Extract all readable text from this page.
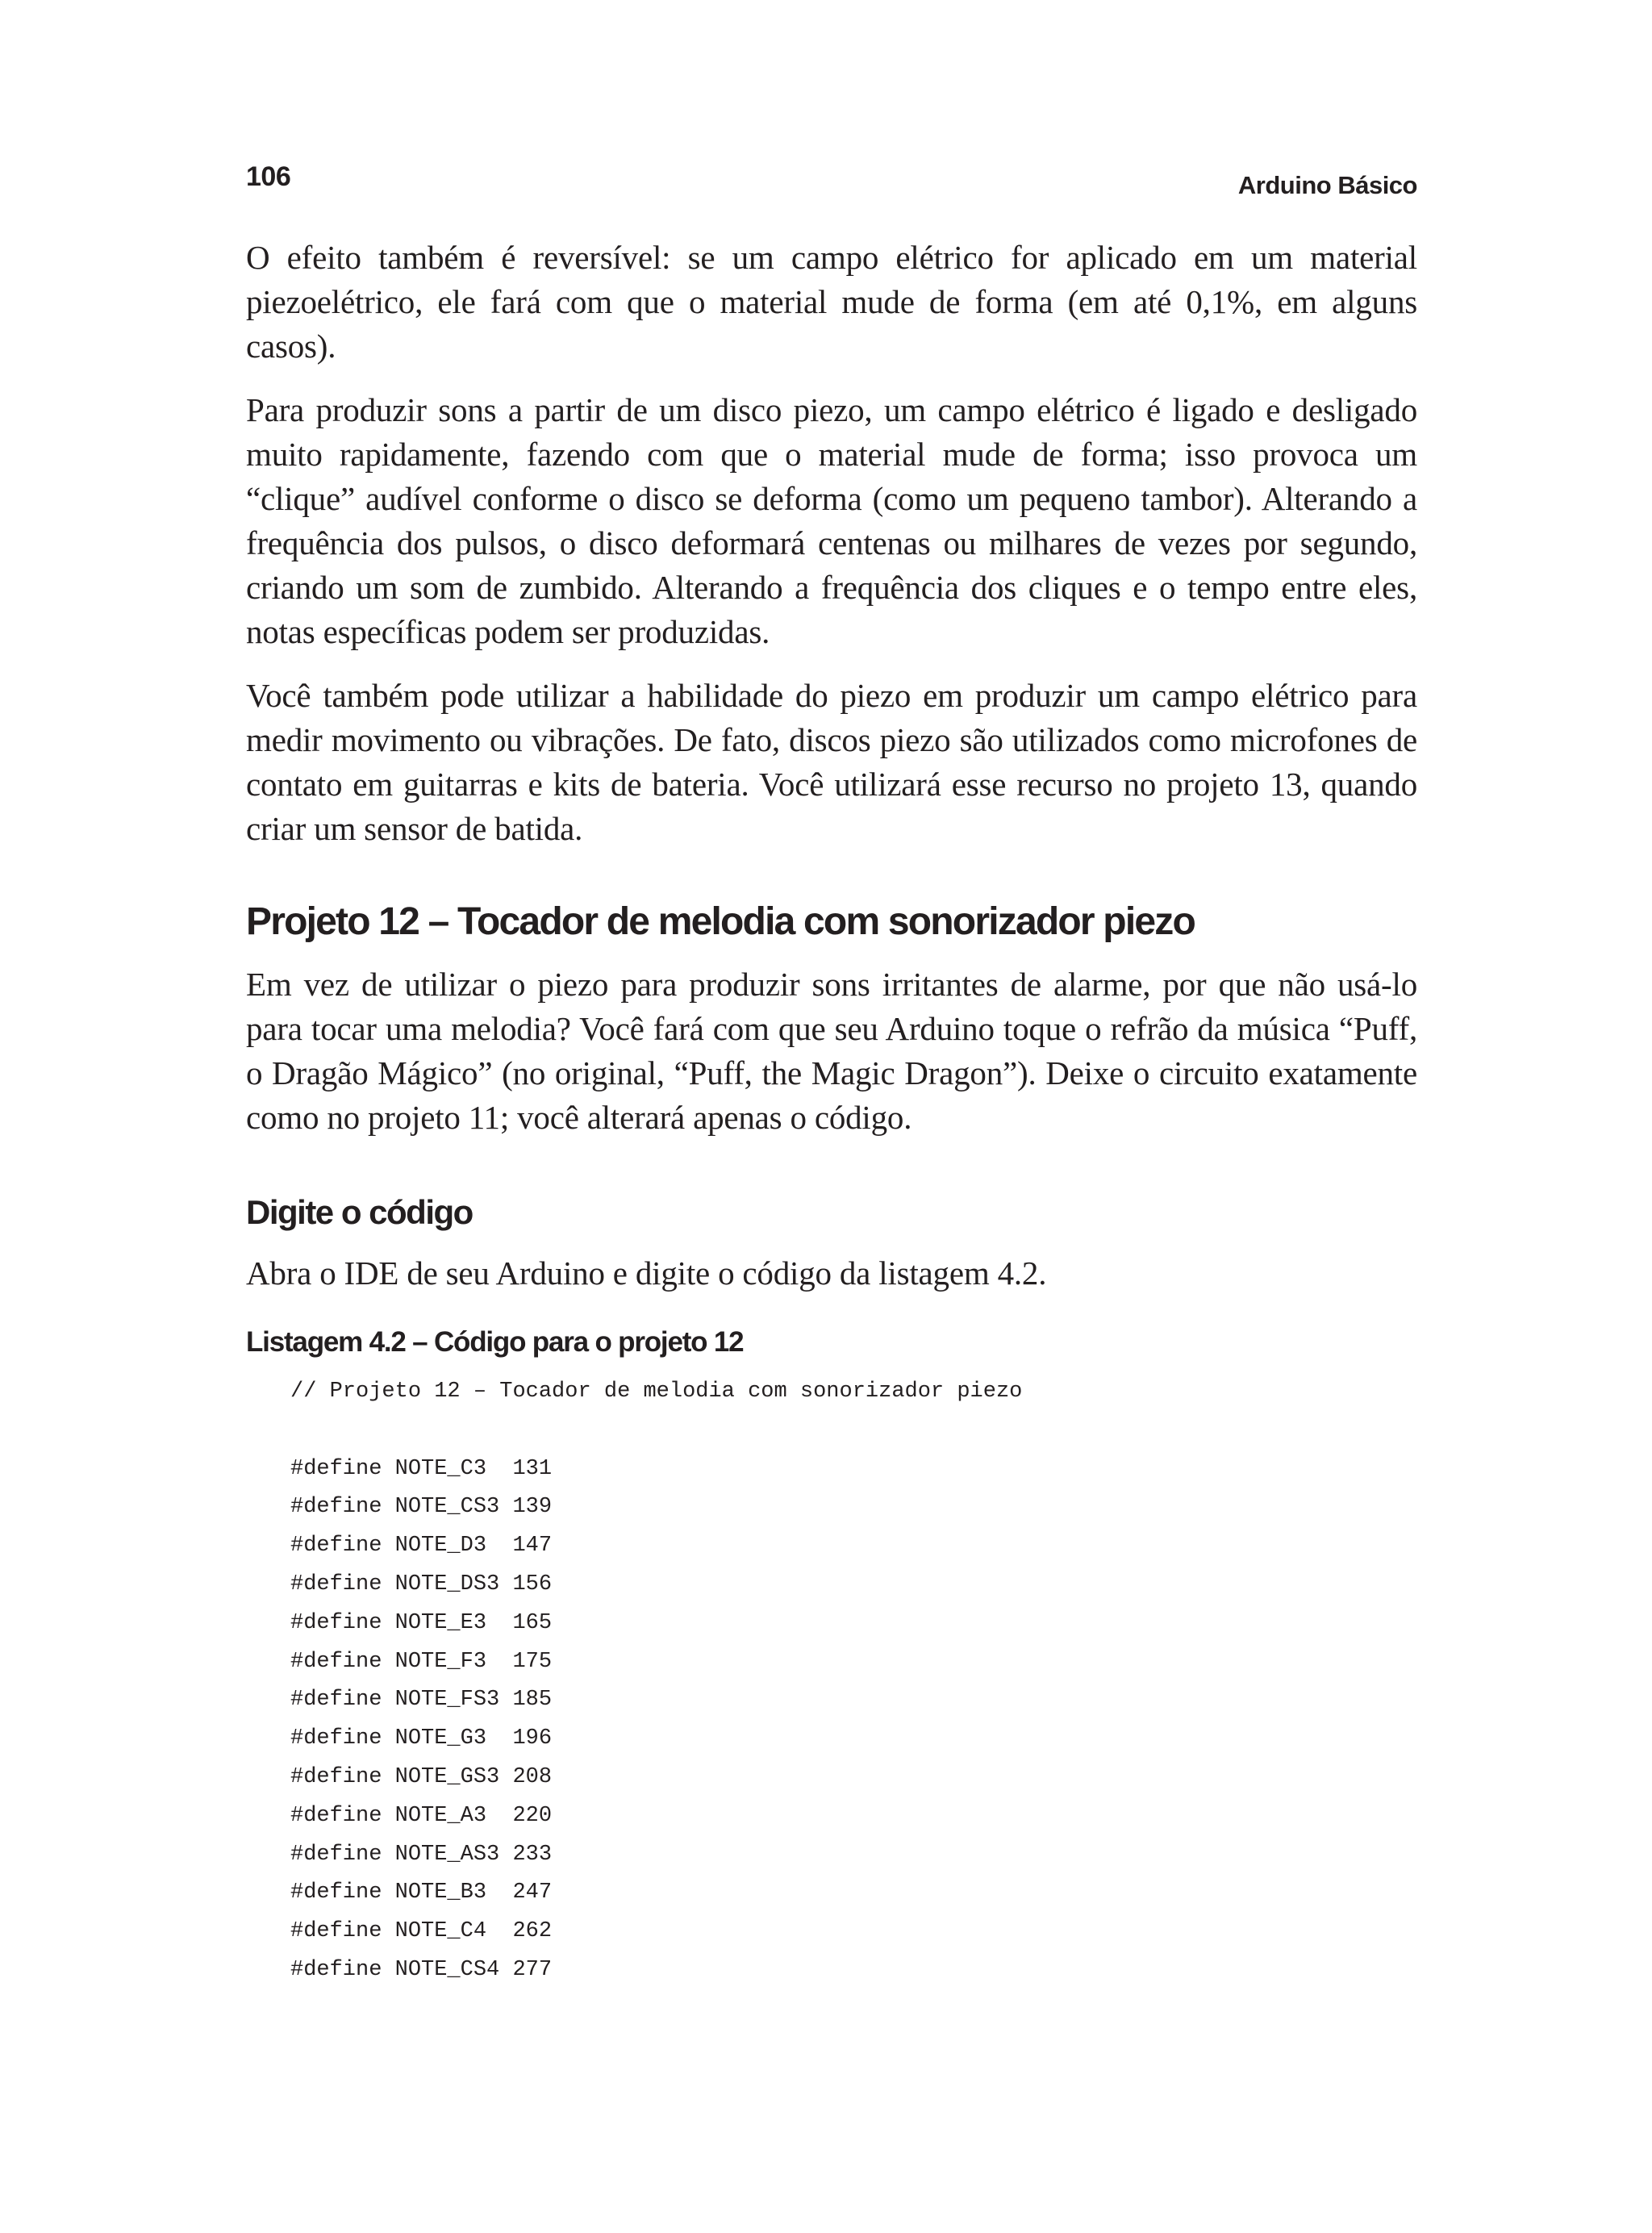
106	Arduino Básico

O efeito também é reversível: se um campo elétrico for aplicado em um material piezoelétrico, ele fará com que o material mude de forma (em até 0,1%, em alguns casos).

Para produzir sons a partir de um disco piezo, um campo elétrico é ligado e desligado muito rapidamente, fazendo com que o material mude de forma; isso provoca um “clique” audível conforme o disco se deforma (como um pequeno tambor). Alterando a frequência dos pulsos, o disco deformará centenas ou milhares de vezes por segundo, criando um som de zumbido. Alterando a frequência dos cliques e o tempo entre eles, notas específicas podem ser produzidas.

Você também pode utilizar a habilidade do piezo em produzir um campo elétrico para medir movimento ou vibrações. De fato, discos piezo são utilizados como microfones de contato em guitarras e kits de bateria. Você utilizará esse recurso no projeto 13, quando criar um sensor de batida.

Projeto 12 – Tocador de melodia com sonorizador piezo

Em vez de utilizar o piezo para produzir sons irritantes de alarme, por que não usá-lo para tocar uma melodia? Você fará com que seu Arduino toque o refrão da música “Puff, o Dragão Mágico” (no original, “Puff, the Magic Dragon”). Deixe o circuito exatamente como no projeto 11; você alterará apenas o código.

Digite o código

Abra o IDE de seu Arduino e digite o código da listagem 4.2.

Listagem 4.2 – Código para o projeto 12
// Projeto 12 – Tocador de melodia com sonorizador piezo
#define NOTE_C3  131
#define NOTE_CS3 139
#define NOTE_D3  147
#define NOTE_DS3 156
#define NOTE_E3  165
#define NOTE_F3  175
#define NOTE_FS3 185
#define NOTE_G3  196
#define NOTE_GS3 208
#define NOTE_A3  220
#define NOTE_AS3 233
#define NOTE_B3  247
#define NOTE_C4  262
#define NOTE_CS4 277
